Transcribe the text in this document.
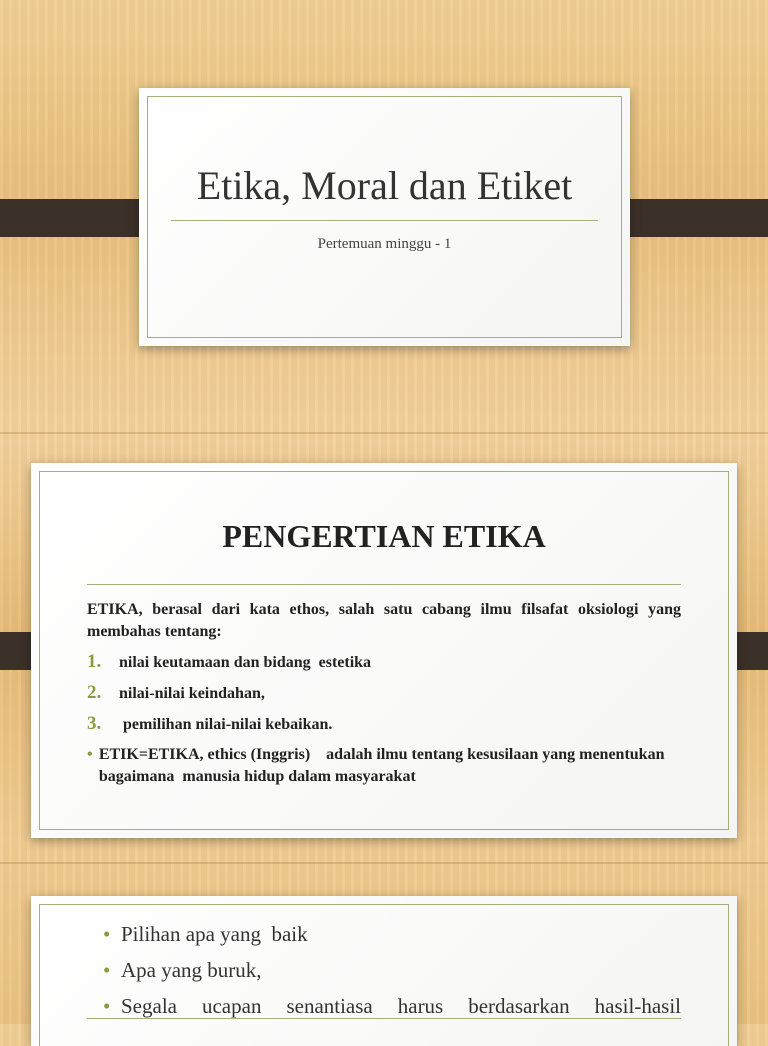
Etika, Moral dan Etiket
Pertemuan minggu - 1
PENGERTIAN ETIKA
ETIKA, berasal dari kata ethos, salah satu cabang ilmu filsafat oksiologi yang membahas tentang:
1.	nilai keutamaan dan bidang  estetika
2.	nilai-nilai keindahan,
3.	pemilihan nilai-nilai kebaikan.
• ETIK=ETIKA, ethics (Inggris)    adalah ilmu tentang kesusilaan yang menentukan bagaimana  manusia hidup dalam masyarakat
• Pilihan apa yang  baik
• Apa yang buruk,
• Segala ucapan senantiasa harus berdasarkan hasil-hasil
